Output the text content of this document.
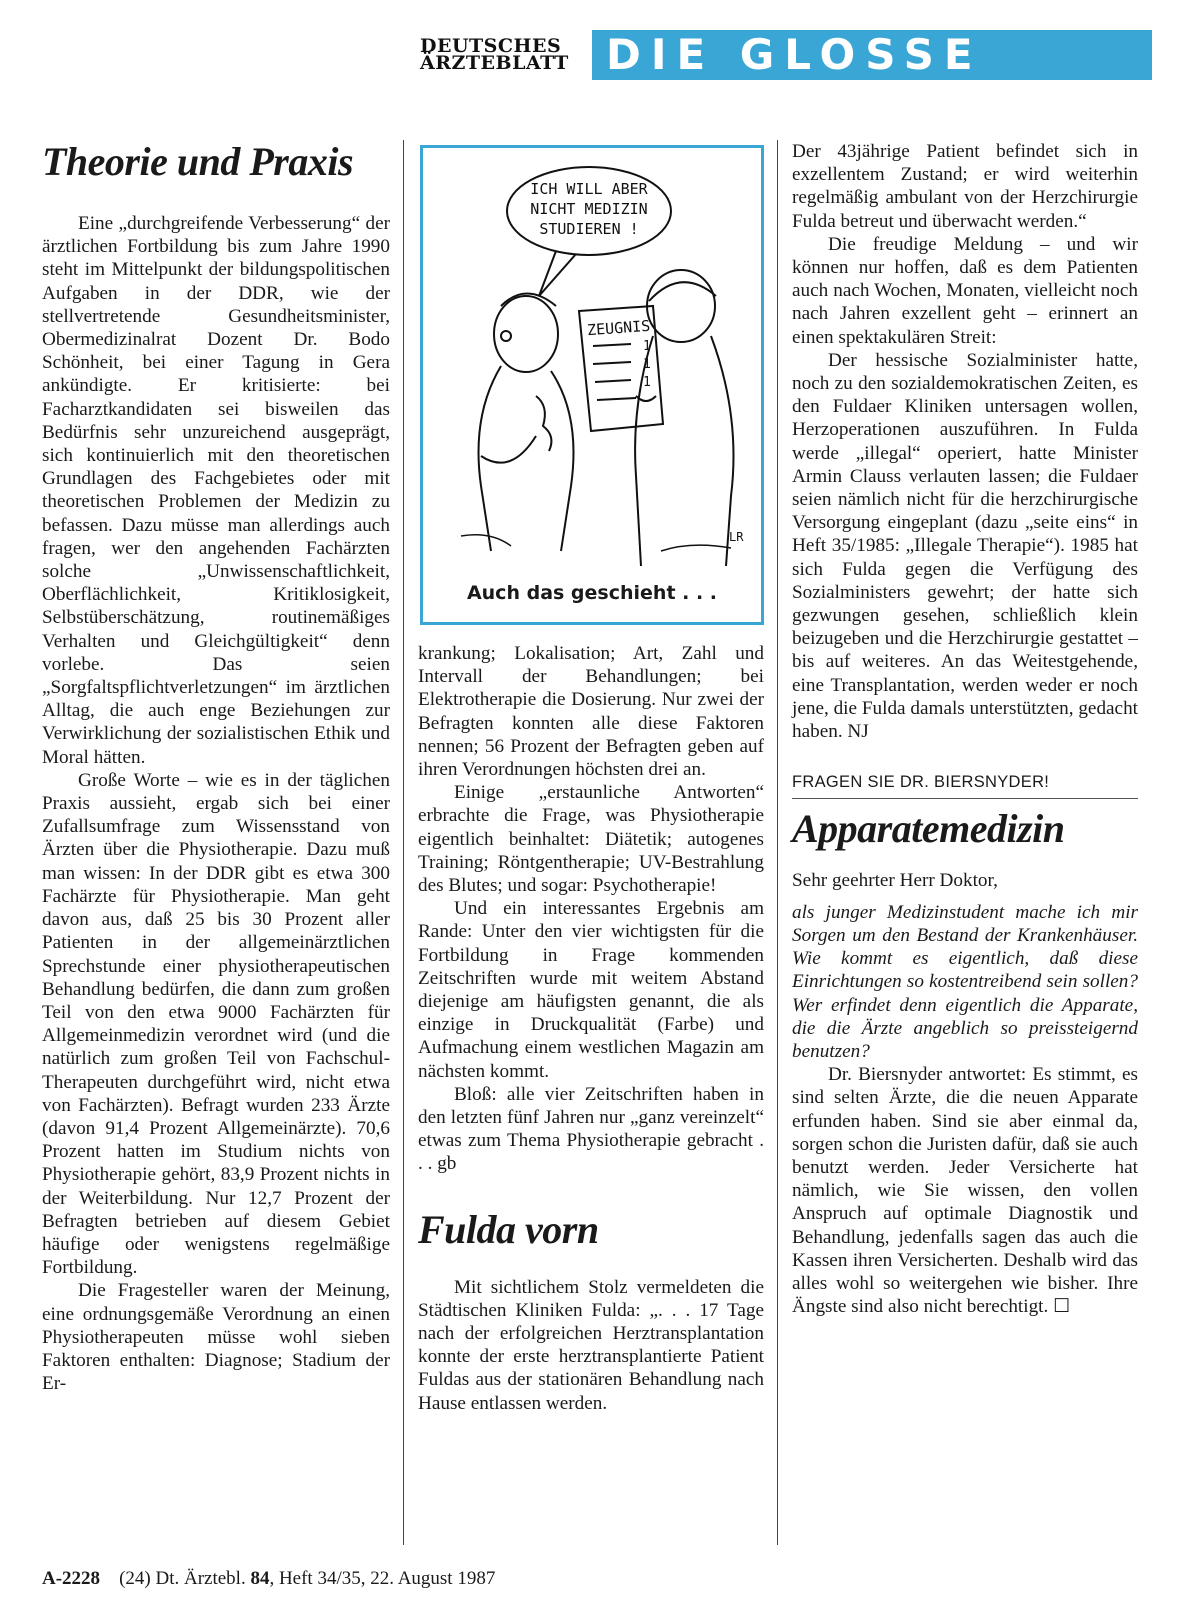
DEUTSCHES
ÄRZTEBLATT DIE GLOSSE
Theorie und Praxis

Eine „durchgreifende Verbesserung“ der ärztlichen Fortbildung bis zum Jahre 1990 steht im Mittelpunkt der bildungspolitischen Aufgaben in der DDR, wie der stellvertretende Gesundheitsminister, Obermedizinalrat Dozent Dr. Bodo Schönheit, bei einer Tagung in Gera ankündigte. Er kritisierte: bei Facharztkandidaten sei bisweilen das Bedürfnis sehr unzureichend ausgeprägt, sich kontinuierlich mit den theoretischen Grundlagen des Fachgebietes oder mit theoretischen Problemen der Medizin zu befassen. Dazu müsse man allerdings auch fragen, wer den angehenden Fachärzten solche „Unwissenschaftlichkeit, Oberflächlichkeit, Kritiklosigkeit, Selbstüberschätzung, routinemäßiges Verhalten und Gleichgültigkeit“ denn vorlebe. Das seien „Sorgfaltspflichtverletzungen“ im ärztlichen Alltag, die auch enge Beziehungen zur Verwirklichung der sozialistischen Ethik und Moral hätten.

Große Worte – wie es in der täglichen Praxis aussieht, ergab sich bei einer Zufallsumfrage zum Wissensstand von Ärzten über die Physiotherapie. Dazu muß man wissen: In der DDR gibt es etwa 300 Fachärzte für Physiotherapie. Man geht davon aus, daß 25 bis 30 Prozent aller Patienten in der allgemeinärztlichen Sprechstunde einer physiotherapeutischen Behandlung bedürfen, die dann zum großen Teil von den etwa 9000 Fachärzten für Allgemeinmedizin verordnet wird (und die natürlich zum großen Teil von Fachschul-Therapeuten durchgeführt wird, nicht etwa von Fachärzten). Befragt wurden 233 Ärzte (davon 91,4 Prozent Allgemeinärzte). 70,6 Prozent hatten im Studium nichts von Physiotherapie gehört, 83,9 Prozent nichts in der Weiterbildung. Nur 12,7 Prozent der Befragten betrieben auf diesem Gebiet häufige oder wenigstens regelmäßige Fortbildung.

Die Fragesteller waren der Meinung, eine ordnungsgemäße Verordnung an einen Physiotherapeuten müsse wohl sieben Faktoren enthalten: Diagnose; Stadium der Er-

ICH WILL ABER
NICHT MEDIZIN
STUDIEREN !
ZEUGNIS
1
1
1
LR
Auch das geschieht . . .

krankung; Lokalisation; Art, Zahl und Intervall der Behandlungen; bei Elektrotherapie die Dosierung. Nur zwei der Befragten konnten alle diese Faktoren nennen; 56 Prozent der Befragten geben auf ihren Verordnungen höchsten drei an.

Einige „erstaunliche Antworten“ erbrachte die Frage, was Physiotherapie eigentlich beinhaltet: Diätetik; autogenes Training; Röntgentherapie; UV-Bestrahlung des Blutes; und sogar: Psychotherapie!

Und ein interessantes Ergebnis am Rande: Unter den vier wichtigsten für die Fortbildung in Frage kommenden Zeitschriften wurde mit weitem Abstand diejenige am häufigsten genannt, die als einzige in Druckqualität (Farbe) und Aufmachung einem westlichen Magazin am nächsten kommt.

Bloß: alle vier Zeitschriften haben in den letzten fünf Jahren nur „ganz vereinzelt“ etwas zum Thema Physiotherapie gebracht . . . gb

Fulda vorn

Mit sichtlichem Stolz vermeldeten die Städtischen Kliniken Fulda: „. . . 17 Tage nach der erfolgreichen Herztransplantation konnte der erste herztransplantierte Patient Fuldas aus der stationären Behandlung nach Hause entlassen werden.

Der 43jährige Patient befindet sich in exzellentem Zustand; er wird weiterhin regelmäßig ambulant von der Herzchirurgie Fulda betreut und überwacht werden.“

Die freudige Meldung – und wir können nur hoffen, daß es dem Patienten auch nach Wochen, Monaten, vielleicht noch nach Jahren exzellent geht – erinnert an einen spektakulären Streit:

Der hessische Sozialminister hatte, noch zu den sozialdemokratischen Zeiten, es den Fuldaer Kliniken untersagen wollen, Herzoperationen auszuführen. In Fulda werde „illegal“ operiert, hatte Minister Armin Clauss verlauten lassen; die Fuldaer seien nämlich nicht für die herzchirurgische Versorgung eingeplant (dazu „seite eins“ in Heft 35/1985: „Illegale Therapie“). 1985 hat sich Fulda gegen die Verfügung des Sozialministers gewehrt; der hatte sich gezwungen gesehen, schließlich klein beizugeben und die Herzchirurgie gestattet – bis auf weiteres. An das Weitestgehende, eine Transplantation, werden weder er noch jene, die Fulda damals unterstützten, gedacht haben. NJ

FRAGEN SIE DR. BIERSNYDER!
Apparatemedizin

Sehr geehrter Herr Doktor,

als junger Medizinstudent mache ich mir Sorgen um den Bestand der Krankenhäuser. Wie kommt es eigentlich, daß diese Einrichtungen so kostentreibend sein sollen? Wer erfindet denn eigentlich die Apparate, die die Ärzte angeblich so preissteigernd benutzen?

Dr. Biersnyder antwortet: Es stimmt, es sind selten Ärzte, die die neuen Apparate erfunden haben. Sind sie aber einmal da, sorgen schon die Juristen dafür, daß sie auch benutzt werden. Jeder Versicherte hat nämlich, wie Sie wissen, den vollen Anspruch auf optimale Diagnostik und Behandlung, jedenfalls sagen das auch die Kassen ihren Versicherten. Deshalb wird das alles wohl so weitergehen wie bisher. Ihre Ängste sind also nicht berechtigt. ☐

A-2228 (24) Dt. Ärztebl. 84, Heft 34/35, 22. August 1987
